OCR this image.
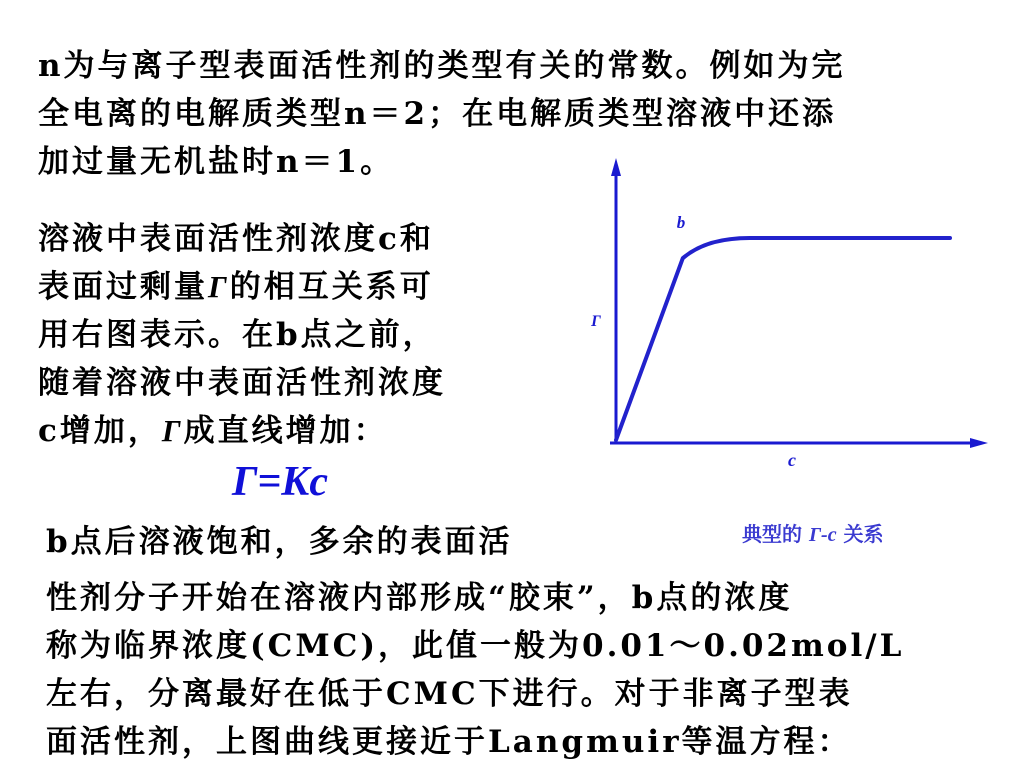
n为与离子型表面活性剂的类型有关的常数。例如为完
全电离的电解质类型n＝2；在电解质类型溶液中还添
加过量无机盐时n＝1。
溶液中表面活性剂浓度c和
表面过剩量Γ的相互关系可
用右图表示。在b点之前，
随着溶液中表面活性剂浓度
c增加，Γ成直线增加：
Γ=Kc
Γ
c
b
典型的 Γ-c 关系
b点后溶液饱和，多余的表面活
性剂分子开始在溶液内部形成“胶束”，b点的浓度
称为临界浓度(CMC)，此值一般为0.01～0.02mol/L
左右，分离最好在低于CMC下进行。对于非离子型表
面活性剂，上图曲线更接近于Langmuir等温方程：
